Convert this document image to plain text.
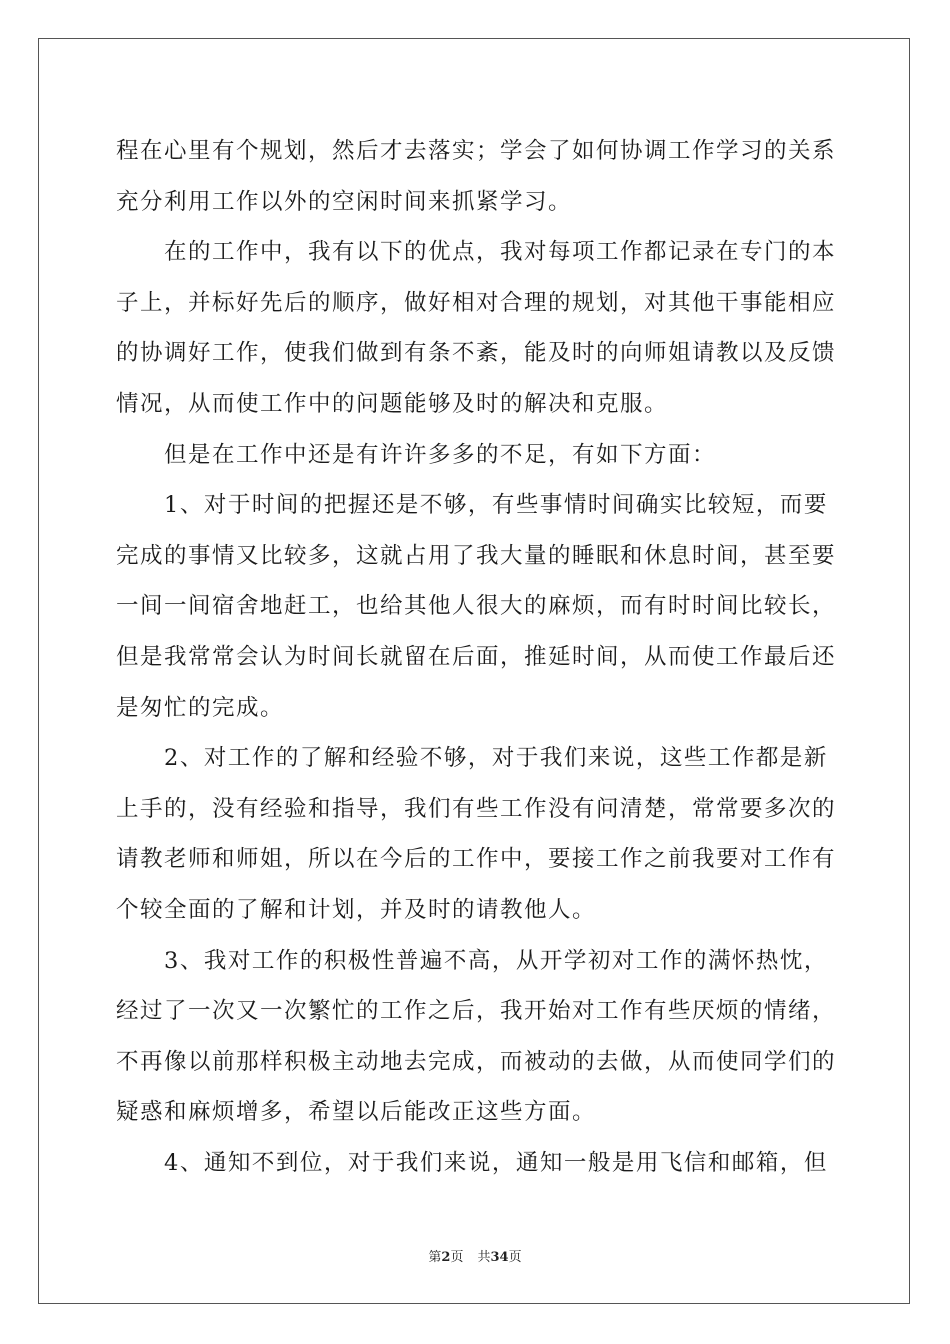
程在心里有个规划，然后才去落实；学会了如何协调工作学习的关系
充分利用工作以外的空闲时间来抓紧学习。
　　在的工作中，我有以下的优点，我对每项工作都记录在专门的本
子上，并标好先后的顺序，做好相对合理的规划，对其他干事能相应
的协调好工作，使我们做到有条不紊，能及时的向师姐请教以及反馈
情况，从而使工作中的问题能够及时的解决和克服。
　　但是在工作中还是有许许多多的不足，有如下方面：
　　1、对于时间的把握还是不够，有些事情时间确实比较短，而要
完成的事情又比较多，这就占用了我大量的睡眠和休息时间，甚至要
一间一间宿舍地赶工，也给其他人很大的麻烦，而有时时间比较长，
但是我常常会认为时间长就留在后面，推延时间，从而使工作最后还
是匆忙的完成。
　　2、对工作的了解和经验不够，对于我们来说，这些工作都是新
上手的，没有经验和指导，我们有些工作没有问清楚，常常要多次的
请教老师和师姐，所以在今后的工作中，要接工作之前我要对工作有
个较全面的了解和计划，并及时的请教他人。
　　3、我对工作的积极性普遍不高，从开学初对工作的满怀热忱，
经过了一次又一次繁忙的工作之后，我开始对工作有些厌烦的情绪，
不再像以前那样积极主动地去完成，而被动的去做，从而使同学们的
疑惑和麻烦增多，希望以后能改正这些方面。
　　4、通知不到位，对于我们来说，通知一般是用飞信和邮箱，但
第2页 共34页
